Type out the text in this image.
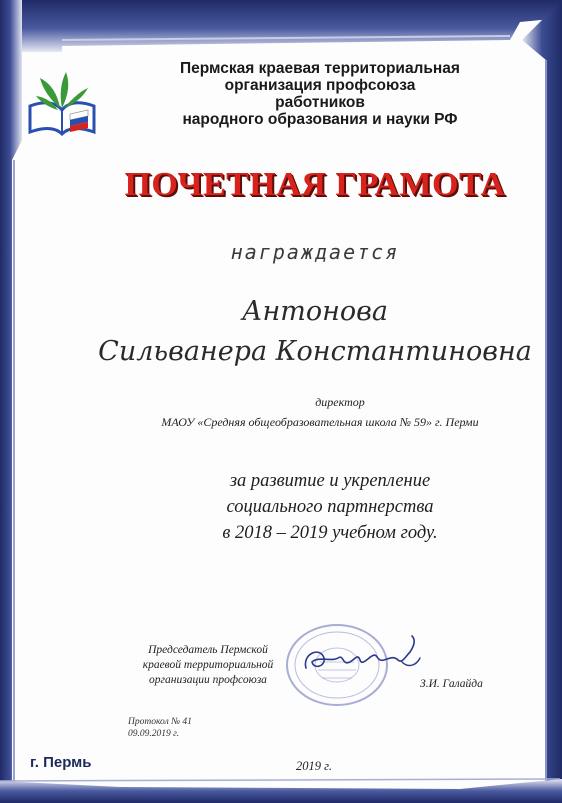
Пермская краевая территориальная
организация профсоюза
работников
народного образования и науки РФ
ПОЧЕТНАЯ ГРАМОТА
награждается
Антонова
Сильванера Константиновна
директор
МАОУ «Средняя общеобразовательная школа № 59» г. Перми
за развитие и укрепление
социального партнерства
в 2018 – 2019 учебном году.
Председатель Пермской
краевой территориальной
организации профсоюза	З.И. Галайда
Протокол № 41
09.09.2019 г.
г. Пермь	2019 г.
